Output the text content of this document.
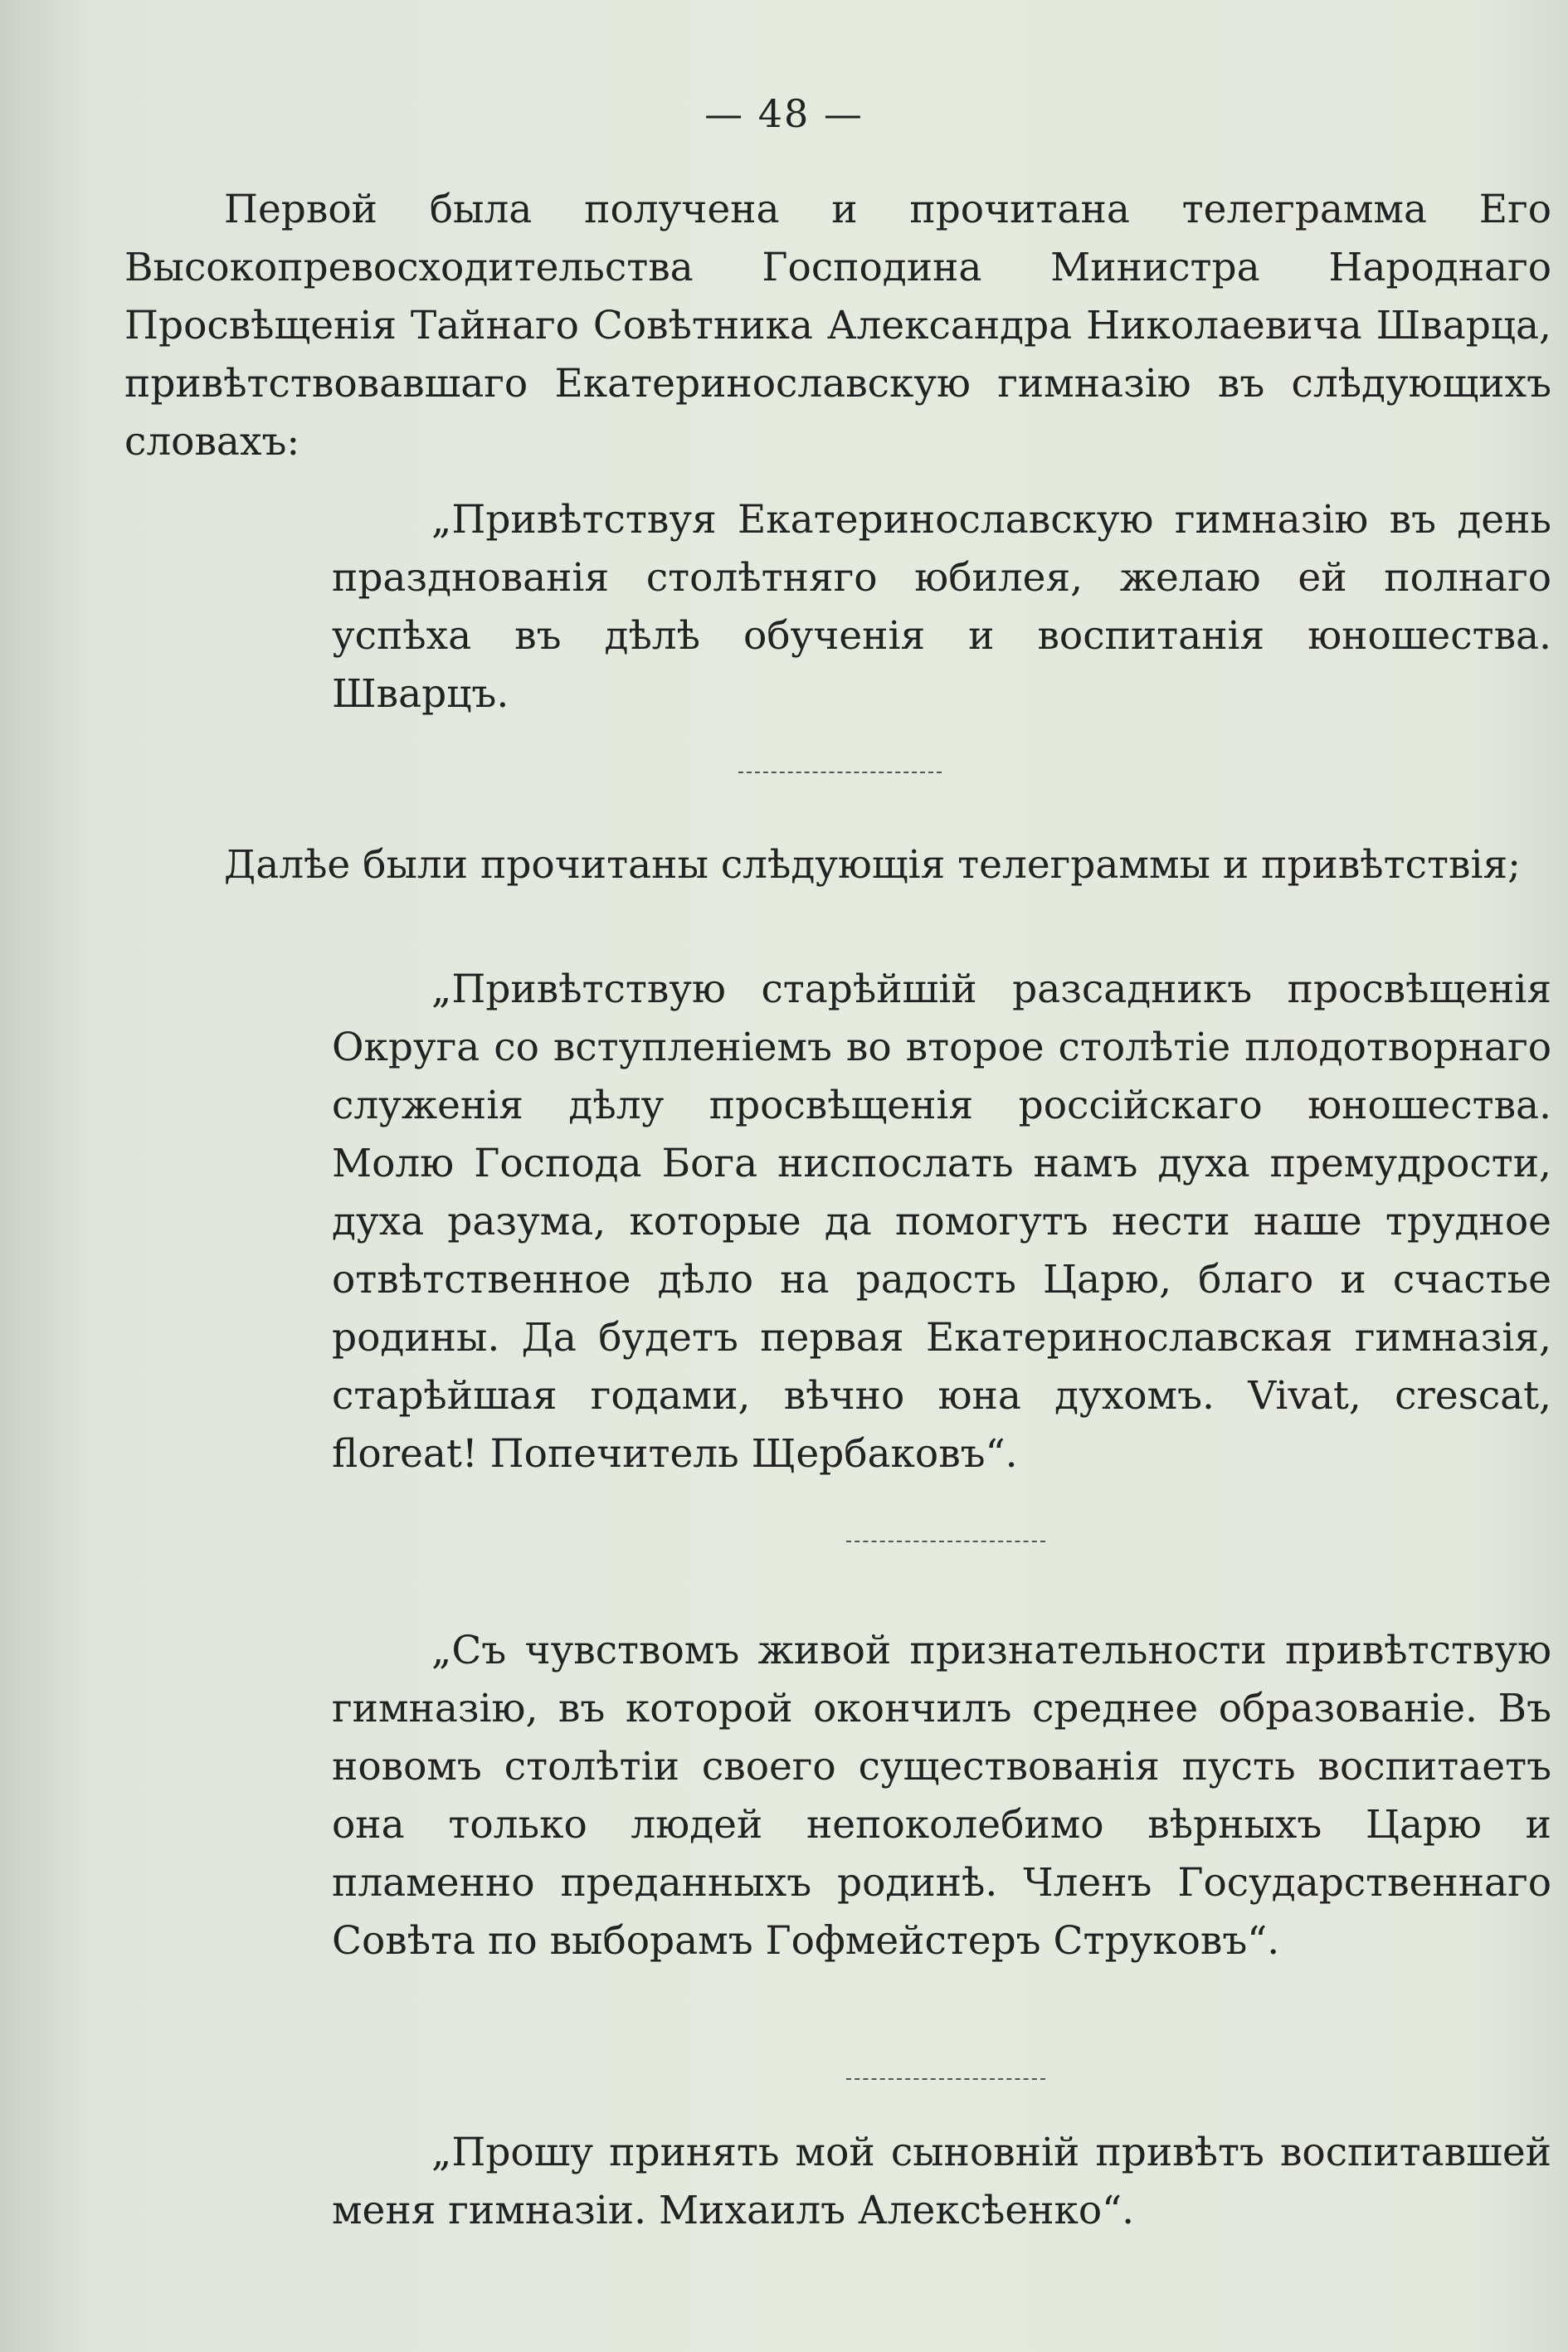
— 48 —

Первой была получена и прочитана телеграмма Его Высокопревосходительства Господина Министра Народнаго Просвѣщенія Тайнаго Совѣтника Александра Николаевича Шварца, привѣтствовавшаго Екатеринославскую гимназію въ слѣдующихъ словахъ:

„Привѣтствуя Екатеринославскую гимназію въ день празднованія столѣтняго юбилея, желаю ей полнаго успѣха въ дѣлѣ обученія и воспитанія юношества. Шварцъ.

Далѣе были прочитаны слѣдующія телеграммы и привѣтствія;

„Привѣтствую старѣйшій разсадникъ просвѣщенія Округа со вступленіемъ во второе столѣтіе плодотворнаго служенія дѣлу просвѣщенія россійскаго юношества. Молю Господа Бога ниспослать намъ духа премудрости, духа разума, которые да помогутъ нести наше трудное отвѣтственное дѣло на радость Царю, благо и счастье родины. Да будетъ первая Екатеринославская гимназія, старѣйшая годами, вѣчно юна духомъ. Vivat, crescat, floreat! Попечитель Щербаковъ“.

„Съ чувствомъ живой признательности привѣтствую гимназію, въ которой окончилъ среднее образованіе. Въ новомъ столѣтіи своего существованія пусть воспитаетъ она только людей непоколебимо вѣрныхъ Царю и пламенно преданныхъ родинѣ. Членъ Государственнаго Совѣта по выборамъ Гофмейстеръ Струковъ“.

„Прошу принять мой сыновній привѣтъ воспитавшей меня гимназіи. Михаилъ Алексѣенко“.
